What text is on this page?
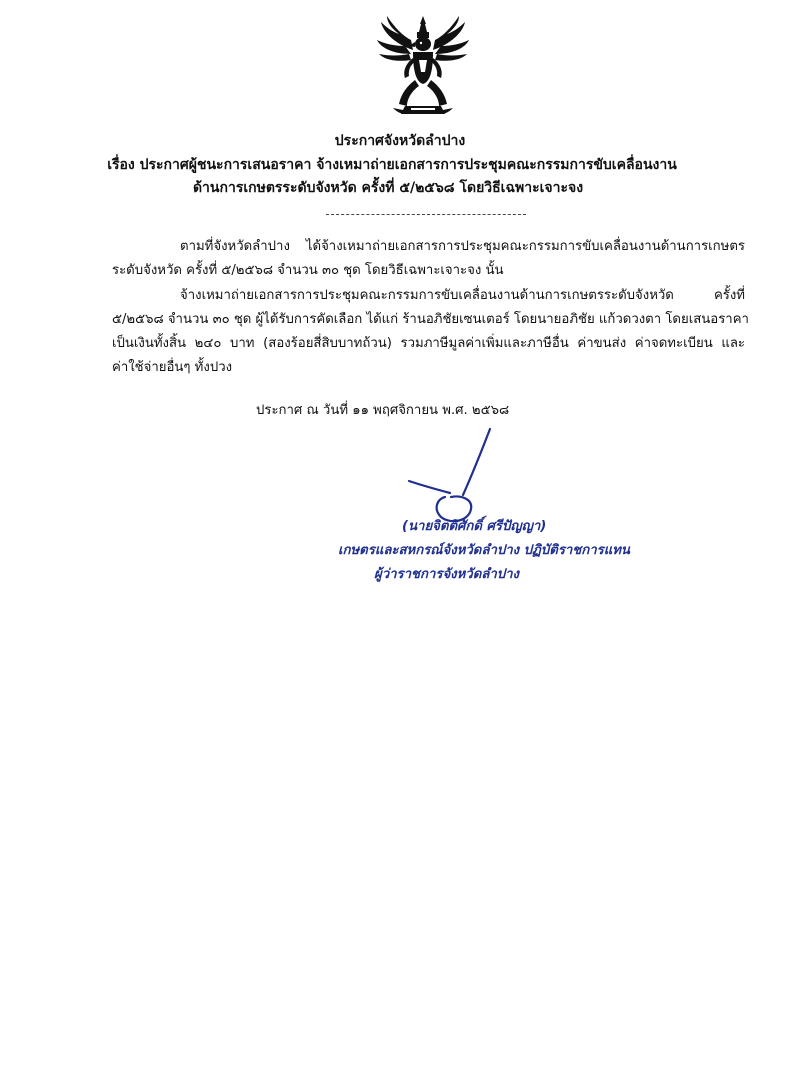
ประกาศจังหวัดลำปาง
เรื่อง ประกาศผู้ชนะการเสนอราคา จ้างเหมาถ่ายเอกสารการประชุมคณะกรรมการขับเคลื่อนงาน
ด้านการเกษตรระดับจังหวัด ครั้งที่ ๕/๒๕๖๘ โดยวิธีเฉพาะเจาะจง
ตามที่จังหวัดลำปาง ได้จ้างเหมาถ่ายเอกสารการประชุมคณะกรรมการขับเคลื่อนงานด้านการเกษตร
ระดับจังหวัด ครั้งที่ ๕/๒๕๖๘ จำนวน ๓๐ ชุด โดยวิธีเฉพาะเจาะจง นั้น
จ้างเหมาถ่ายเอกสารการประชุมคณะกรรมการขับเคลื่อนงานด้านการเกษตรระดับจังหวัด ครั้งที่
๕/๒๕๖๘ จำนวน ๓๐ ชุด ผู้ได้รับการคัดเลือก ได้แก่ ร้านอภิชัยเซนเตอร์ โดยนายอภิชัย แก้วดวงตา โดยเสนอราคา
เป็นเงินทั้งสิ้น ๒๔๐ บาท (สองร้อยสี่สิบบาทถ้วน) รวมภาษีมูลค่าเพิ่มและภาษีอื่น ค่าขนส่ง ค่าจดทะเบียน และ
ค่าใช้จ่ายอื่นๆ ทั้งปวง
ประกาศ ณ วันที่ ๑๑ พฤศจิกายน พ.ศ. ๒๕๖๘
(นายจิตติศักดิ์ ศรีปัญญา)
เกษตรและสหกรณ์จังหวัดลำปาง ปฏิบัติราชการแทน
ผู้ว่าราชการจังหวัดลำปาง
